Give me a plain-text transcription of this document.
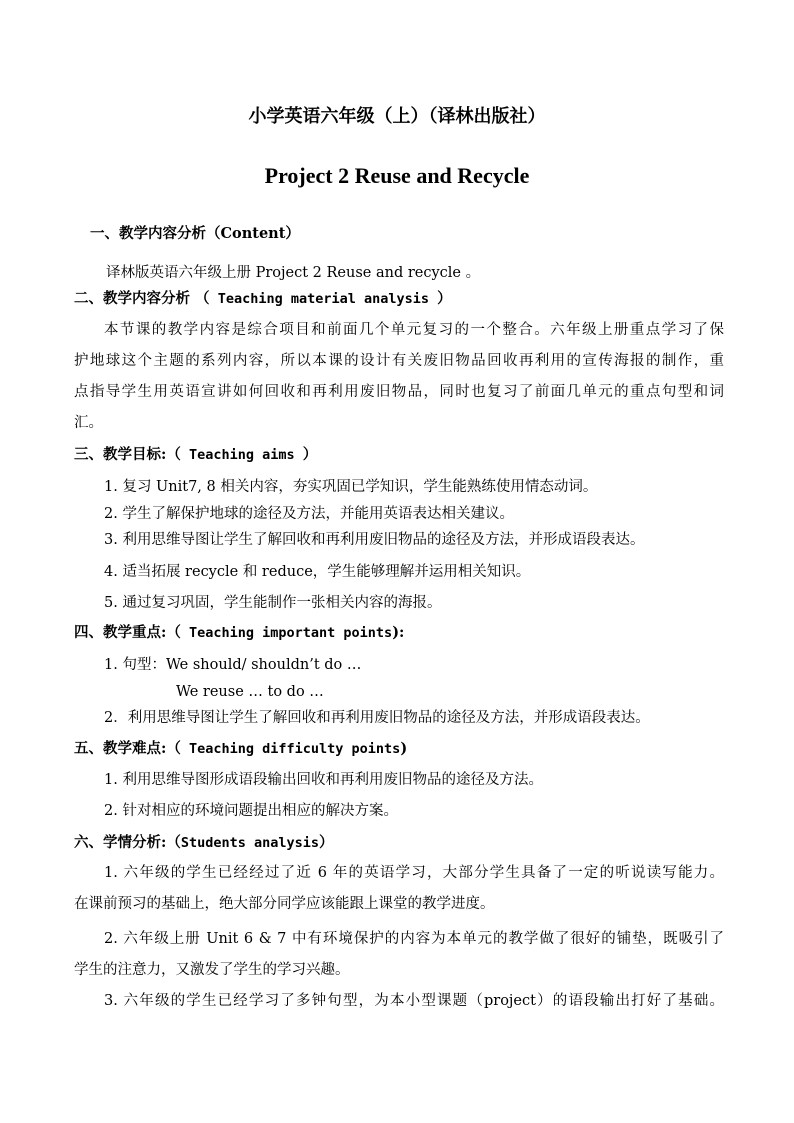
小学英语六年级（上）（译林出版社）
Project 2 Reuse and Recycle
一、教学内容分析（Content）
译林版英语六年级上册 Project 2 Reuse and recycle 。
二、教学内容分析 （ Teaching material analysis ）
本节课的教学内容是综合项目和前面几个单元复习的一个整合。六年级上册重点学习了保
护地球这个主题的系列内容，所以本课的设计有关废旧物品回收再利用的宣传海报的制作，重
点指导学生用英语宣讲如何回收和再利用废旧物品，同时也复习了前面几单元的重点句型和词
汇。
三、教学目标:（ Teaching aims ）
1. 复习 Unit7, 8 相关内容，夯实巩固已学知识，学生能熟练使用情态动词。
2. 学生了解保护地球的途径及方法，并能用英语表达相关建议。
3. 利用思维导图让学生了解回收和再利用废旧物品的途径及方法，并形成语段表达。
4. 适当拓展 recycle 和 reduce，学生能够理解并运用相关知识。
5. 通过复习巩固，学生能制作一张相关内容的海报。
四、教学重点:（ Teaching important points):
1. 句型：We should/ shouldn’t do …
We reuse … to do …
2．利用思维导图让学生了解回收和再利用废旧物品的途径及方法，并形成语段表达。
五、教学难点:（ Teaching difficulty points)
1. 利用思维导图形成语段输出回收和再利用废旧物品的途径及方法。
2. 针对相应的环境问题提出相应的解决方案。
六、学情分析:（Students analysis）
1. 六年级的学生已经经过了近 6 年的英语学习，大部分学生具备了一定的听说读写能力。
在课前预习的基础上，绝大部分同学应该能跟上课堂的教学进度。
2. 六年级上册 Unit 6 & 7 中有环境保护的内容为本单元的教学做了很好的铺垫，既吸引了
学生的注意力，又激发了学生的学习兴趣。
3. 六年级的学生已经学习了多钟句型，为本小型课题（project）的语段输出打好了基础。
